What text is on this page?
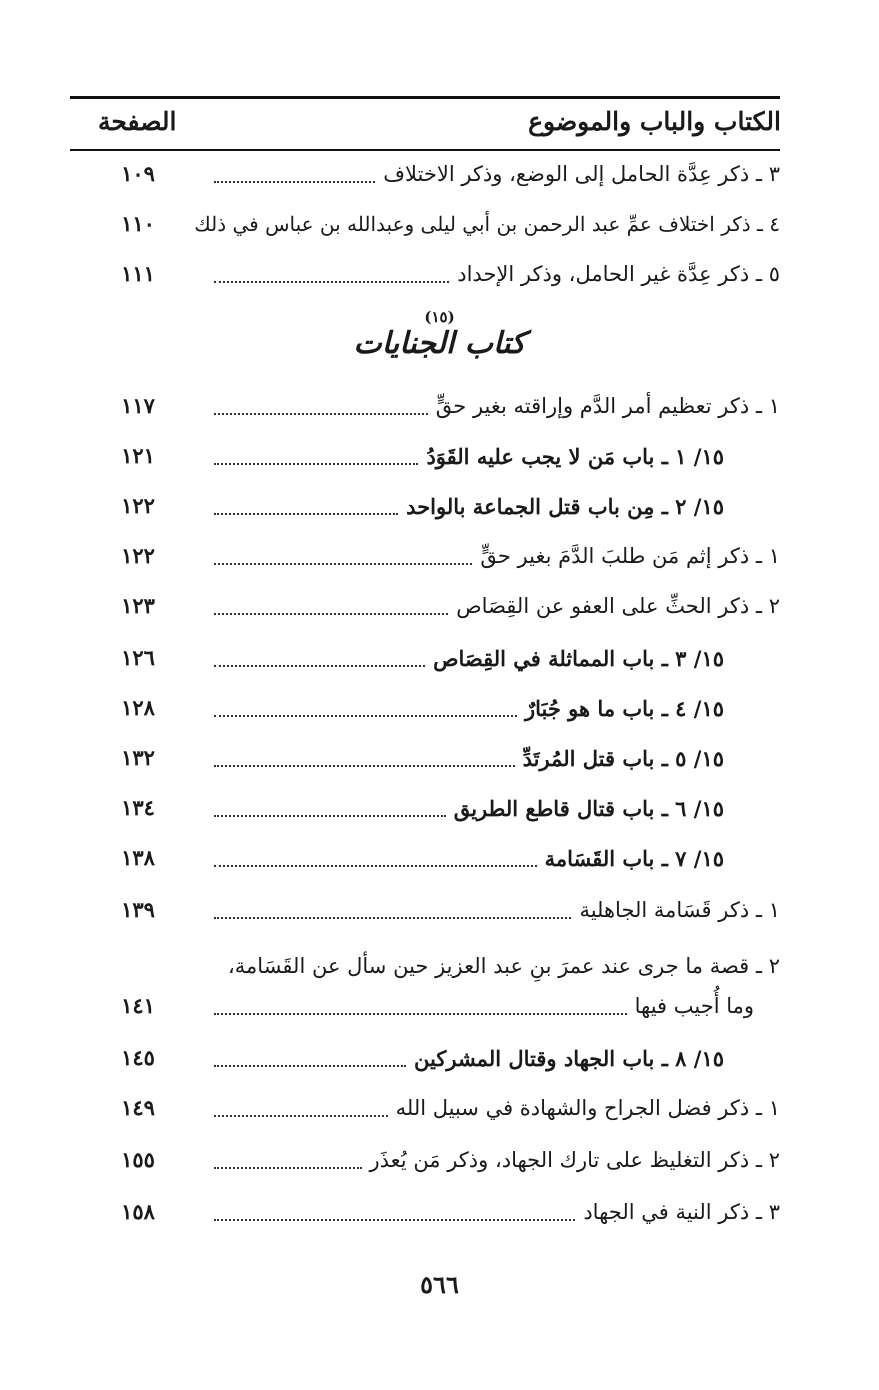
الكتاب والباب والموضوع
الصفحة
٣ ـ ذكر عِدَّة الحامل إلى الوضع، وذكر الاختلاف
١٠٩
٤ ـ ذكر اختلاف عمِّ عبد الرحمن بن أبي ليلى وعبدالله بن عباس في ذلك
١١٠
٥ ـ ذكر عِدَّة غير الحامل، وذكر الإحداد
١١١
(١٥)
كتاب الجنايات
١ ـ ذكر تعظيم أمر الدَّم وإراقته بغير حقٍّ
١١٧
١٥/ ١ ـ باب مَن لا يجب عليه القَوَدُ
١٢١
١٥/ ٢ ـ مِن باب قتل الجماعة بالواحد
١٢٢
١ ـ ذكر إثم مَن طلبَ الدَّمَ بغير حقٍّ
١٢٢
٢ ـ ذكر الحثِّ على العفو عن القِصَاص
١٢٣
١٥/ ٣ ـ باب المماثلة في القِصَاص
١٢٦
١٥/ ٤ ـ باب ما هو جُبَارٌ
١٢٨
١٥/ ٥ ـ باب قتل المُرتَدِّ
١٣٢
١٥/ ٦ ـ باب قتال قاطع الطريق
١٣٤
١٥/ ٧ ـ باب القَسَامة
١٣٨
١ ـ ذكر قَسَامة الجاهلية
١٣٩
٢ ـ قصة ما جرى عند عمرَ بنِ عبد العزيز حين سأل عن القَسَامة،
وما أُجيب فيها
١٤١
١٥/ ٨ ـ باب الجهاد وقتال المشركين
١٤٥
١ ـ ذكر فضل الجراح والشهادة في سبيل الله
١٤٩
٢ ـ ذكر التغليظ على تارك الجهاد، وذكر مَن يُعذَر
١٥٥
٣ ـ ذكر النية في الجهاد
١٥٨
٥٦٦
